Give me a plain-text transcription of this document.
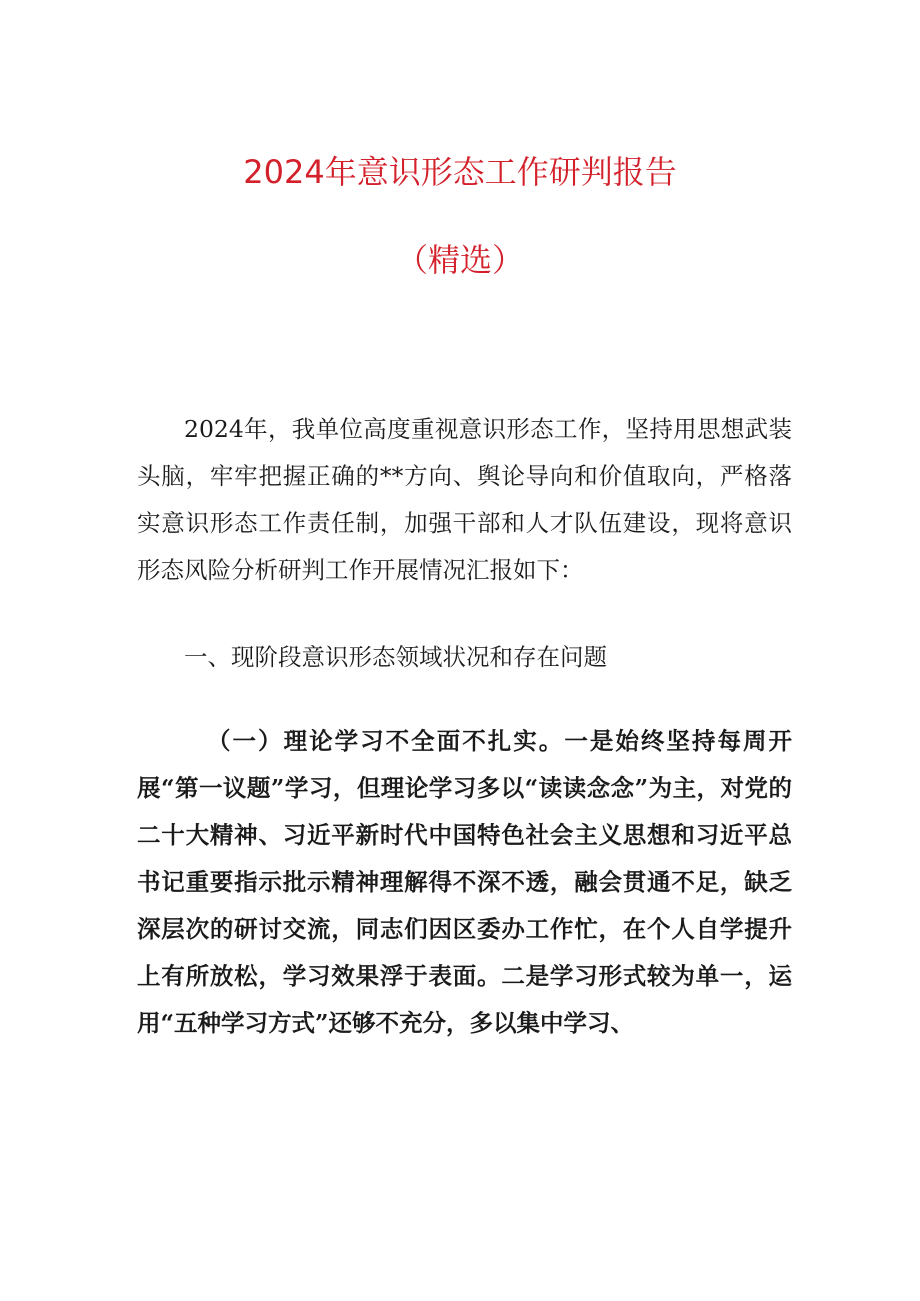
2024年意识形态工作研判报告
（精选）

2024年，我单位高度重视意识形态工作，坚持用思想武装头脑，牢牢把握正确的**方向、舆论导向和价值取向，严格落实意识形态工作责任制，加强干部和人才队伍建设，现将意识形态风险分析研判工作开展情况汇报如下：

一、现阶段意识形态领域状况和存在问题

（一）理论学习不全面不扎实。一是始终坚持每周开展“第一议题”学习，但理论学习多以“读读念念”为主，对党的二十大精神、习近平新时代中国特色社会主义思想和习近平总书记重要指示批示精神理解得不深不透，融会贯通不足，缺乏深层次的研讨交流，同志们因区委办工作忙，在个人自学提升上有所放松，学习效果浮于表面。二是学习形式较为单一，运用“五种学习方式”还够不充分，多以集中学习、
